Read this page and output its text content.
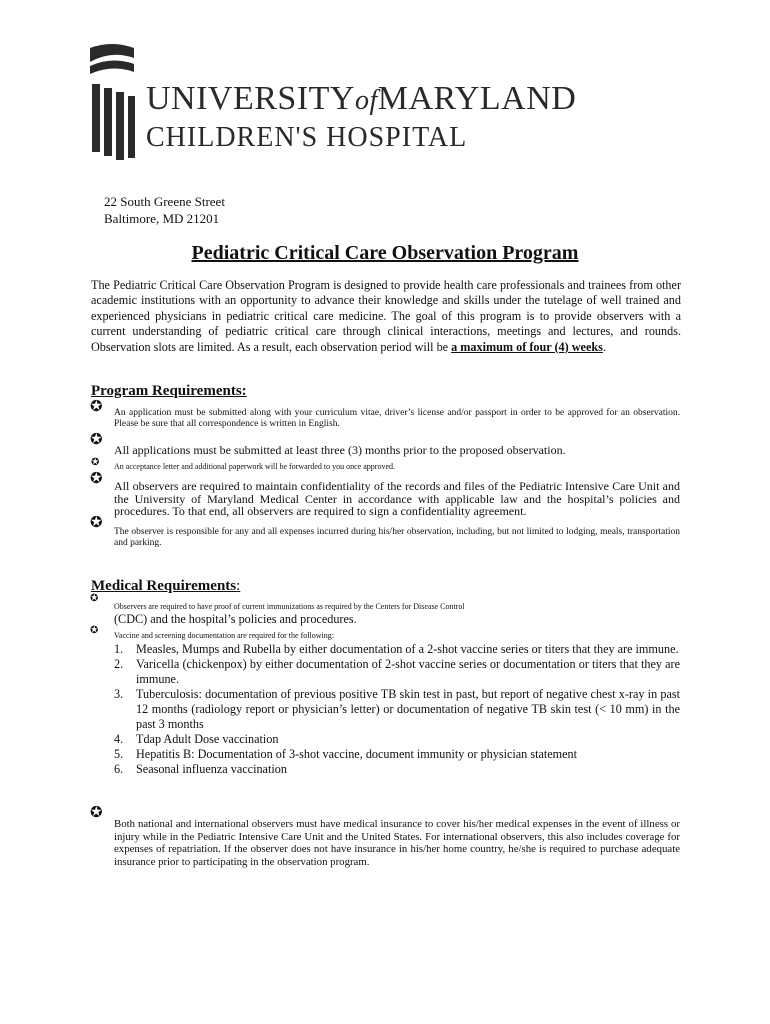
UNIVERSITYofMARYLAND
CHILDREN'S HOSPITAL
22 South Greene Street
Baltimore, MD 21201
Pediatric Critical Care Observation Program
The Pediatric Critical Care Observation Program is designed to provide health care professionals and trainees from other academic institutions with an opportunity to advance their knowledge and skills under the tutelage of well trained and experienced physicians in pediatric critical care medicine. The goal of this program is to provide observers with a current understanding of pediatric critical care through clinical interactions, meetings and lectures, and rounds. Observation slots are limited. As a result, each observation period will be a maximum of four (4) weeks.
Program Requirements:
✪ An application must be submitted along with your curriculum vitae, driver’s license and/or passport in order to be approved for an observation. Please be sure that all correspondence is written in English.
✪
All applications must be submitted at least three (3) months prior to the proposed observation.
✪ An acceptance letter and additional paperwork will be forwarded to you once approved.
✪ All observers are required to maintain confidentiality of the records and files of the Pediatric Intensive Care Unit and the University of Maryland Medical Center in accordance with applicable law and the hospital’s policies and procedures. To that end, all observers are required to sign a confidentiality agreement.
✪
The observer is responsible for any and all expenses incurred during his/her observation, including, but not limited to lodging, meals, transportation and parking.
Medical Requirements:
✪
Observers are required to have proof of current immunizations as required by the Centers for Disease Control
(CDC) and the hospital’s policies and procedures.
✪ Vaccine and screening documentation are required for the following:
1. Measles, Mumps and Rubella by either documentation of a 2-shot vaccine series or titers that they are immune.
2. Varicella (chickenpox) by either documentation of 2-shot vaccine series or documentation or titers that they are immune.
3. Tuberculosis: documentation of previous positive TB skin test in past, but report of negative chest x-ray in past 12 months (radiology report or physician’s letter) or documentation of negative TB skin test (< 10 mm) in the past 3 months
4. Tdap Adult Dose vaccination
5. Hepatitis B: Documentation of 3-shot vaccine, document immunity or physician statement
6. Seasonal influenza vaccination
✪
Both national and international observers must have medical insurance to cover his/her medical expenses in the event of illness or injury while in the Pediatric Intensive Care Unit and the United States. For international observers, this also includes coverage for expenses of repatriation. If the observer does not have insurance in his/her home country, he/she is required to purchase adequate insurance prior to participating in the observation program.
